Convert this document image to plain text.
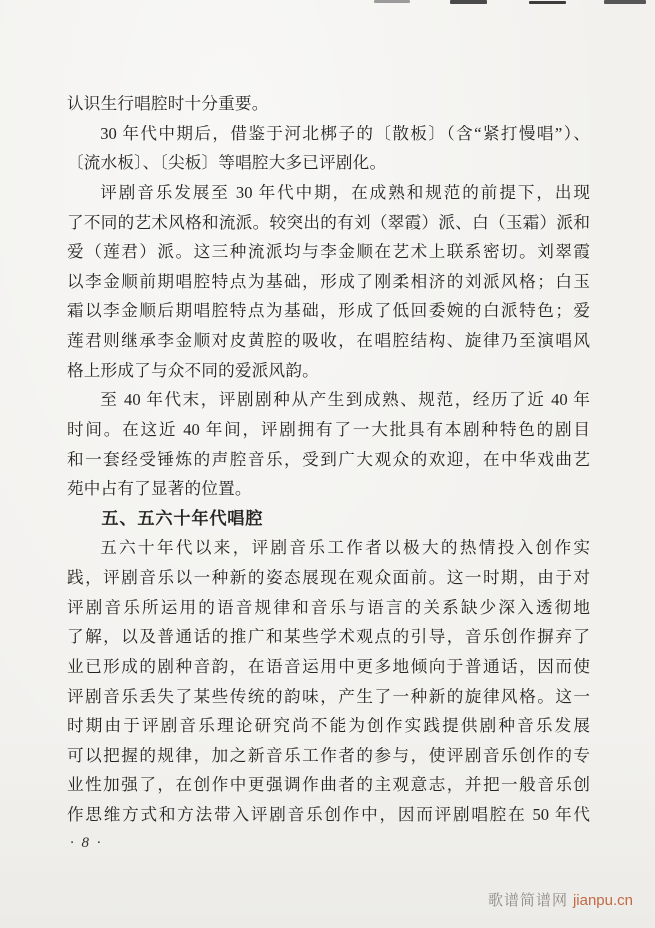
认识生行唱腔时十分重要。
30 年代中期后，借鉴于河北梆子的〔散板〕（含“紧打慢唱”）、
〔流水板〕、〔尖板〕等唱腔大多已评剧化。
评剧音乐发展至 30 年代中期，在成熟和规范的前提下，出现
了不同的艺术风格和流派。较突出的有刘（翠霞）派、白（玉霜）派和
爱（莲君）派。这三种流派均与李金顺在艺术上联系密切。刘翠霞
以李金顺前期唱腔特点为基础，形成了刚柔相济的刘派风格；白玉
霜以李金顺后期唱腔特点为基础，形成了低回委婉的白派特色；爱
莲君则继承李金顺对皮黄腔的吸收，在唱腔结构、旋律乃至演唱风
格上形成了与众不同的爱派风韵。
至 40 年代末，评剧剧种从产生到成熟、规范，经历了近 40 年
时间。在这近 40 年间，评剧拥有了一大批具有本剧种特色的剧目
和一套经受锤炼的声腔音乐，受到广大观众的欢迎，在中华戏曲艺
苑中占有了显著的位置。
五、五六十年代唱腔
五六十年代以来，评剧音乐工作者以极大的热情投入创作实
践，评剧音乐以一种新的姿态展现在观众面前。这一时期，由于对
评剧音乐所运用的语音规律和音乐与语言的关系缺少深入透彻地
了解，以及普通话的推广和某些学术观点的引导，音乐创作摒弃了
业已形成的剧种音韵，在语音运用中更多地倾向于普通话，因而使
评剧音乐丢失了某些传统的韵味，产生了一种新的旋律风格。这一
时期由于评剧音乐理论研究尚不能为创作实践提供剧种音乐发展
可以把握的规律，加之新音乐工作者的参与，使评剧音乐创作的专
业性加强了，在创作中更强调作曲者的主观意志，并把一般音乐创
作思维方式和方法带入评剧音乐创作中，因而评剧唱腔在 50 年代
· 8 ·
歌谱简谱网 jianpu.cn
